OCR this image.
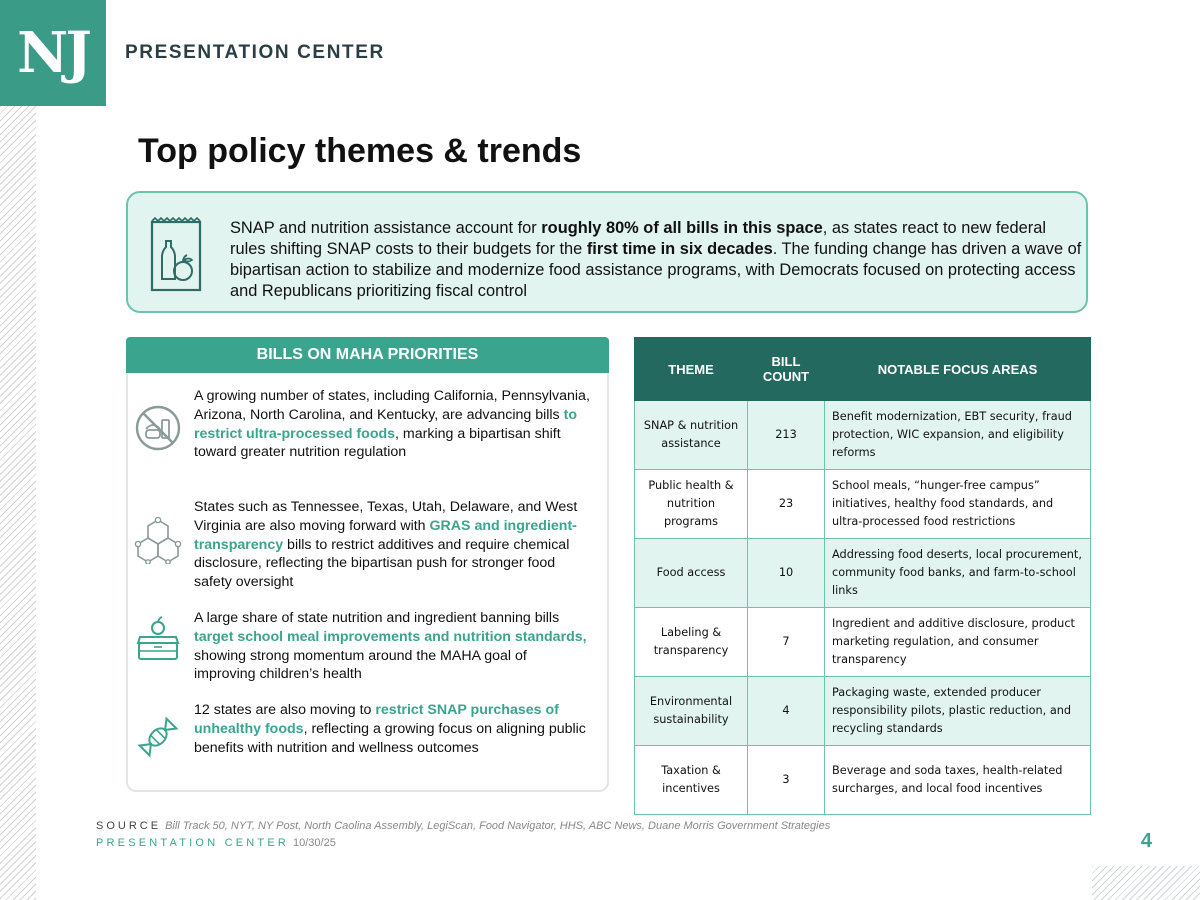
NJ	PRESENTATION CENTER
Top policy themes & trends
SNAP and nutrition assistance account for roughly 80% of all bills in this space, as states react to new federal rules shifting SNAP costs to their budgets for the first time in six decades. The funding change has driven a wave of bipartisan action to stabilize and modernize food assistance programs, with Democrats focused on protecting access and Republicans prioritizing fiscal control
BILLS ON MAHA PRIORITIES
A growing number of states, including California, Pennsylvania, Arizona, North Carolina, and Kentucky, are advancing bills to restrict ultra-processed foods, marking a bipartisan shift toward greater nutrition regulation
States such as Tennessee, Texas, Utah, Delaware, and West Virginia are also moving forward with GRAS and ingredient-transparency bills to restrict additives and require chemical disclosure, reflecting the bipartisan push for stronger food safety oversight
A large share of state nutrition and ingredient banning bills target school meal improvements and nutrition standards, showing strong momentum around the MAHA goal of improving children’s health
12 states are also moving to restrict SNAP purchases of unhealthy foods, reflecting a growing focus on aligning public benefits with nutrition and wellness outcomes
THEME	BILL COUNT	NOTABLE FOCUS AREAS
SNAP & nutrition assistance	213	Benefit modernization, EBT security, fraud protection, WIC expansion, and eligibility reforms
Public health & nutrition programs	23	School meals, “hunger-free campus” initiatives, healthy food standards, and ultra-processed food restrictions
Food access	10	Addressing food deserts, local procurement, community food banks, and farm-to-school links
Labeling & transparency	7	Ingredient and additive disclosure, product marketing regulation, and consumer transparency
Environmental sustainability	4	Packaging waste, extended producer responsibility pilots, plastic reduction, and recycling standards
Taxation & incentives	3	Beverage and soda taxes, health-related surcharges, and local food incentives
SOURCE Bill Track 50, NYT, NY Post, North Caolina Assembly, LegiScan, Food Navigator, HHS, ABC News, Duane Morris Government Strategies
PRESENTATION CENTER 10/30/25	4
